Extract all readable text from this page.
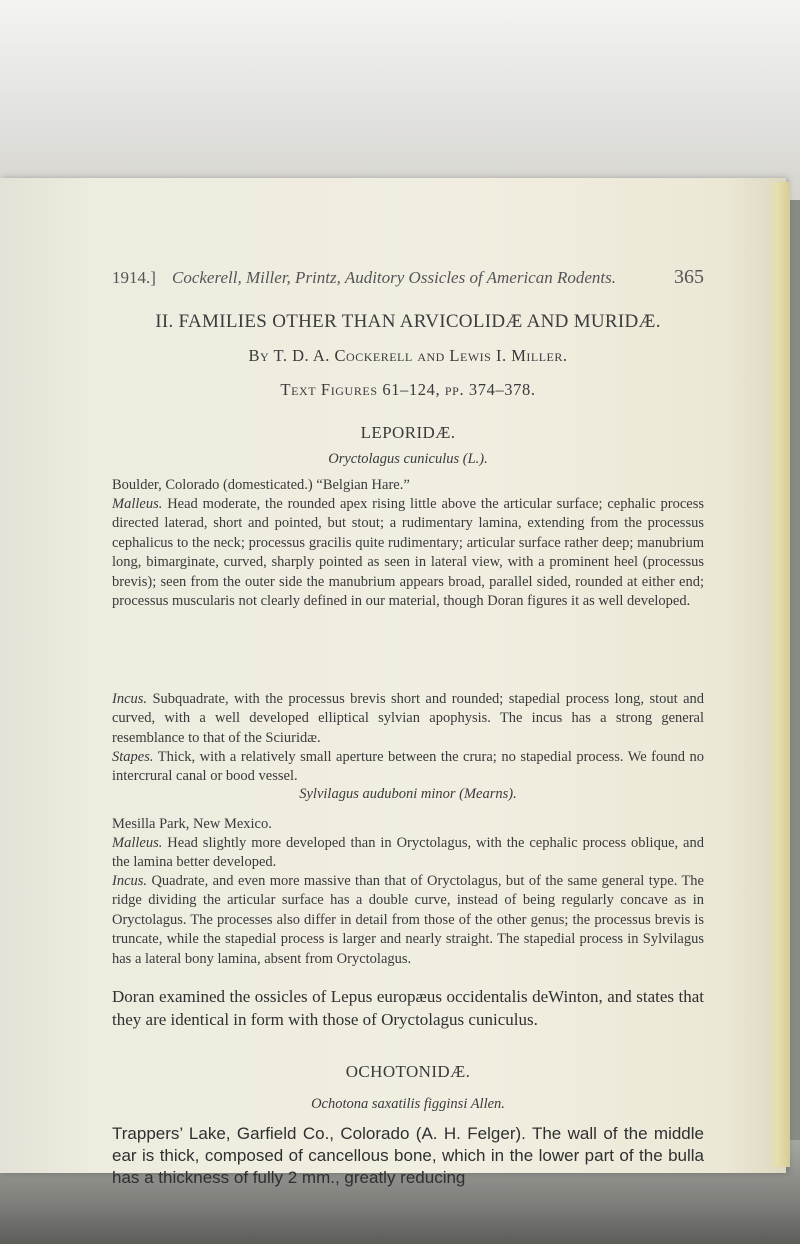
1914.] Cockerell, Miller, Printz, Auditory Ossicles of American Rodents.	365
II. FAMILIES OTHER THAN ARVICOLIDÆ AND MURIDÆ.
By T. D. A. Cockerell and Lewis I. Miller.
Text Figures 61–124, pp. 374–378.
LEPORIDÆ.
Oryctolagus cuniculus (L.).
Boulder, Colorado (domesticated.) “Belgian Hare.”
Malleus. Head moderate, the rounded apex rising little above the articular surface; cephalic process directed laterad, short and pointed, but stout; a rudimentary lamina, extending from the processus cephalicus to the neck; processus gracilis quite rudimentary; articular surface rather deep; manubrium long, bimarginate, curved, sharply pointed as seen in lateral view, with a prominent heel (processus brevis); seen from the outer side the manubrium appears broad, parallel sided, rounded at either end; processus muscularis not clearly defined in our material, though Doran figures it as well developed.
Incus. Subquadrate, with the processus brevis short and rounded; stapedial process long, stout and curved, with a well developed elliptical sylvian apophysis. The incus has a strong general resemblance to that of the Sciuridæ.
Stapes. Thick, with a relatively small aperture between the crura; no stapedial process. We found no intercrural canal or bood vessel.
Sylvilagus auduboni minor (Mearns).
Mesilla Park, New Mexico.
Malleus. Head slightly more developed than in Oryctolagus, with the cephalic process oblique, and the lamina better developed.
Incus. Quadrate, and even more massive than that of Oryctolagus, but of the same general type. The ridge dividing the articular surface has a double curve, instead of being regularly concave as in Oryctolagus. The processes also differ in detail from those of the other genus; the processus brevis is truncate, while the stapedial process is larger and nearly straight. The stapedial process in Sylvilagus has a lateral bony lamina, absent from Oryctolagus.
Doran examined the ossicles of Lepus europæus occidentalis deWinton, and states that they are identical in form with those of Oryctolagus cuniculus.
OCHOTONIDÆ.
Ochotona saxatilis figginsi Allen.
Trappers’ Lake, Garfield Co., Colorado (A. H. Felger). The wall of the middle ear is thick, composed of cancellous bone, which in the lower part of the bulla has a thickness of fully 2 mm., greatly reducing
